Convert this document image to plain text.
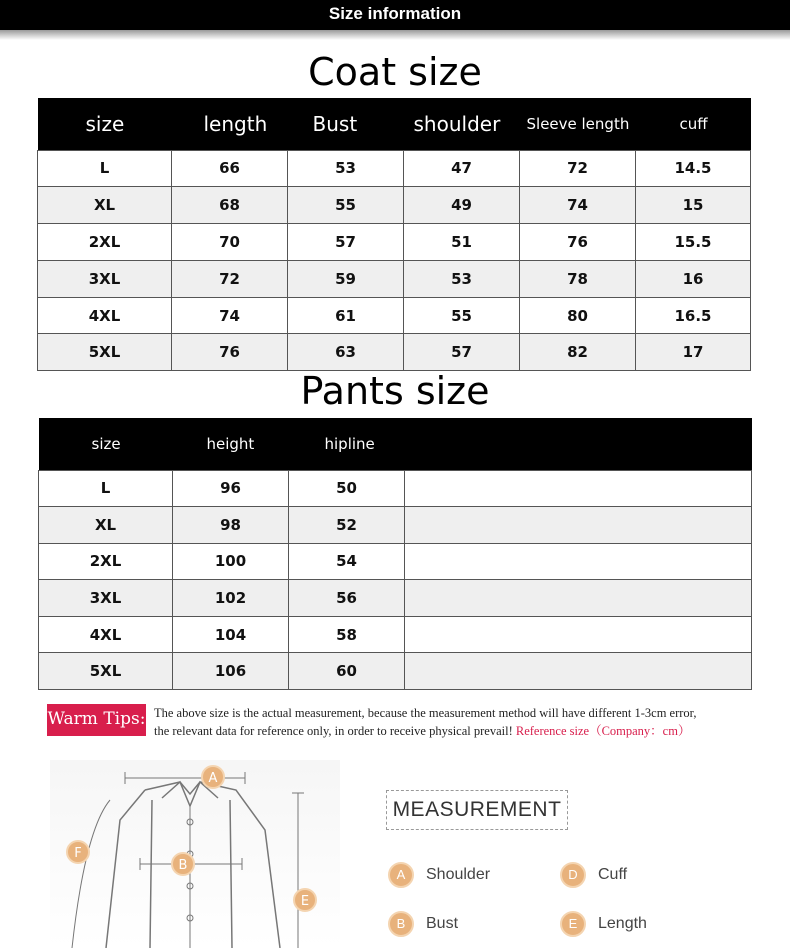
Size information
Coat size
size	length	Bust	shoulder	Sleeve length	cuff
L	66	53	47	72	14.5
XL	68	55	49	74	15
2XL	70	57	51	76	15.5
3XL	72	59	53	78	16
4XL	74	61	55	80	16.5
5XL	76	63	57	82	17
Pants size
size	height	hipline	
L	96	50	
XL	98	52	
2XL	100	54	
3XL	102	56	
4XL	104	58	
5XL	106	60	
Warm Tips: The above size is the actual measurement, because the measurement method will have different 1-3cm error,
the relevant data for reference only, in order to receive physical prevail! Reference size（Company：cm）
A
B
E
F
MEASUREMENT
A	Shoulder	D	Cuff
B	Bust	E	Length
